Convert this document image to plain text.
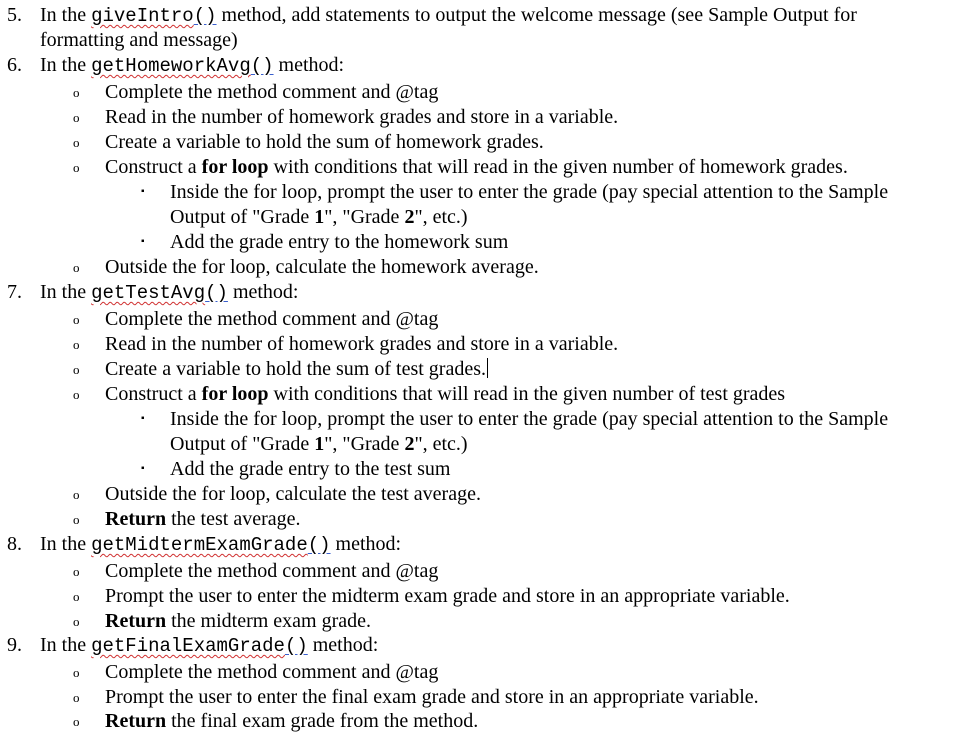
5. In the giveIntro() method, add statements to output the welcome message (see Sample Output for
formatting and message)
6. In the getHomeworkAvg() method:
o Complete the method comment and @tag
o Read in the number of homework grades and store in a variable.
o Create a variable to hold the sum of homework grades.
o Construct a for loop with conditions that will read in the given number of homework grades.
▪ Inside the for loop, prompt the user to enter the grade (pay special attention to the Sample
Output of "Grade 1", "Grade 2", etc.)
▪ Add the grade entry to the homework sum
o Outside the for loop, calculate the homework average.
7. In the getTestAvg() method:
o Complete the method comment and @tag
o Read in the number of homework grades and store in a variable.
o Create a variable to hold the sum of test grades.
o Construct a for loop with conditions that will read in the given number of test grades
▪ Inside the for loop, prompt the user to enter the grade (pay special attention to the Sample
Output of "Grade 1", "Grade 2", etc.)
▪ Add the grade entry to the test sum
o Outside the for loop, calculate the test average.
o Return the test average.
8. In the getMidtermExamGrade() method:
o Complete the method comment and @tag
o Prompt the user to enter the midterm exam grade and store in an appropriate variable.
o Return the midterm exam grade.
9. In the getFinalExamGrade() method:
o Complete the method comment and @tag
o Prompt the user to enter the final exam grade and store in an appropriate variable.
o Return the final exam grade from the method.
